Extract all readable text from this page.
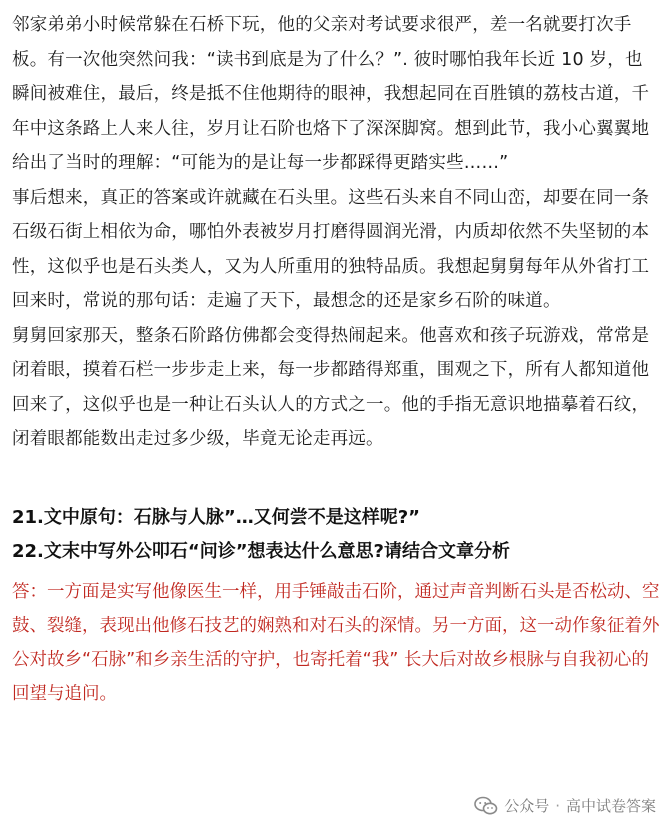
邻家弟弟小时候常躲在石桥下玩，他的父亲对考试要求很严，差一名就要打次手板。有一次他突然问我：“读书到底是为了什么？”. 彼时哪怕我年长近 10 岁，也瞬间被难住，最后，终是抵不住他期待的眼神，我想起同在百胜镇的荔枝古道，千年中这条路上人来人往，岁月让石阶也烙下了深深脚窝。想到此节，我小心翼翼地给出了当时的理解：“可能为的是让每一步都踩得更踏实些……”

事后想来，真正的答案或许就藏在石头里。这些石头来自不同山峦，却要在同一条石级石街上相依为命，哪怕外表被岁月打磨得圆润光滑，内质却依然不失坚韧的本性，这似乎也是石头类人，又为人所重用的独特品质。我想起舅舅每年从外省打工回来时，常说的那句话：走遍了天下，最想念的还是家乡石阶的味道。

舅舅回家那天，整条石阶路仿佛都会变得热闹起来。他喜欢和孩子玩游戏，常常是闭着眼，摸着石栏一步步走上来，每一步都踏得郑重，围观之下，所有人都知道他回来了，这似乎也是一种让石头认人的方式之一。他的手指无意识地描摹着石纹，闭着眼都能数出走过多少级，毕竟无论走再远。

21.文中原句：石脉与人脉”…又何尝不是这样呢?”

22.文末中写外公叩石“问诊”想表达什么意思?请结合文章分析

答：一方面是实写他像医生一样，用手锤敲击石阶，通过声音判断石头是否松动、空鼓、裂缝，表现出他修石技艺的娴熟和对石头的深情。另一方面，这一动作象征着外公对故乡“石脉”和乡亲生活的守护，也寄托着“我” 长大后对故乡根脉与自我初心的回望与追问。

公众号 · 高中试卷答案
